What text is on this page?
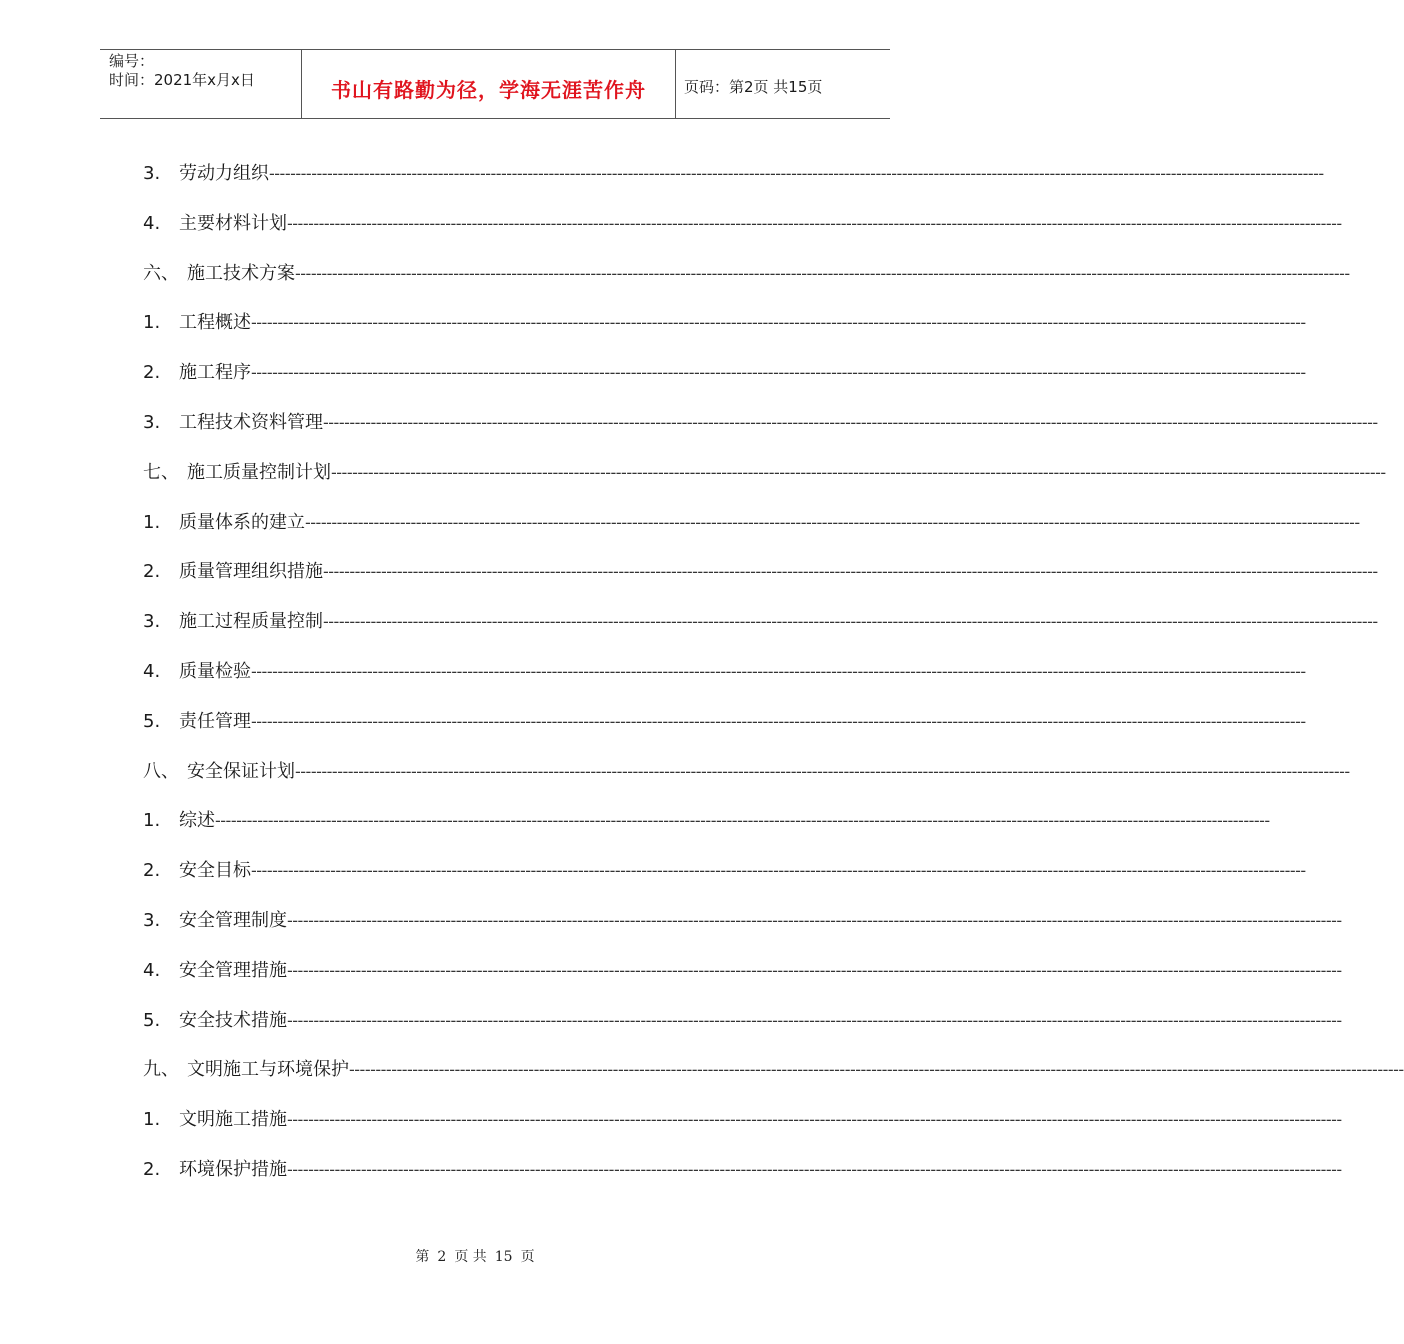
编号：
时间：2021年x月x日	书山有路勤为径，学海无涯苦作舟	页码：第2页 共15页
3. 劳动力组织 --------------------------------------------------------------------------------------------------------------------------------------------------------------------------------------------------------
4. 主要材料计划 --------------------------------------------------------------------------------------------------------------------------------------------------------------------------------------------------------
六、 施工技术方案 --------------------------------------------------------------------------------------------------------------------------------------------------------------------------------------------------------
1. 工程概述 --------------------------------------------------------------------------------------------------------------------------------------------------------------------------------------------------------
2. 施工程序 --------------------------------------------------------------------------------------------------------------------------------------------------------------------------------------------------------
3. 工程技术资料管理 --------------------------------------------------------------------------------------------------------------------------------------------------------------------------------------------------------
七、 施工质量控制计划 --------------------------------------------------------------------------------------------------------------------------------------------------------------------------------------------------------
1. 质量体系的建立 --------------------------------------------------------------------------------------------------------------------------------------------------------------------------------------------------------
2. 质量管理组织措施 --------------------------------------------------------------------------------------------------------------------------------------------------------------------------------------------------------
3. 施工过程质量控制 --------------------------------------------------------------------------------------------------------------------------------------------------------------------------------------------------------
4. 质量检验 --------------------------------------------------------------------------------------------------------------------------------------------------------------------------------------------------------
5. 责任管理 --------------------------------------------------------------------------------------------------------------------------------------------------------------------------------------------------------
八、 安全保证计划 --------------------------------------------------------------------------------------------------------------------------------------------------------------------------------------------------------
1. 综述 --------------------------------------------------------------------------------------------------------------------------------------------------------------------------------------------------------
2. 安全目标 --------------------------------------------------------------------------------------------------------------------------------------------------------------------------------------------------------
3. 安全管理制度 --------------------------------------------------------------------------------------------------------------------------------------------------------------------------------------------------------
4. 安全管理措施 --------------------------------------------------------------------------------------------------------------------------------------------------------------------------------------------------------
5. 安全技术措施 --------------------------------------------------------------------------------------------------------------------------------------------------------------------------------------------------------
九、 文明施工与环境保护 --------------------------------------------------------------------------------------------------------------------------------------------------------------------------------------------------------
1. 文明施工措施 --------------------------------------------------------------------------------------------------------------------------------------------------------------------------------------------------------
2. 环境保护措施 --------------------------------------------------------------------------------------------------------------------------------------------------------------------------------------------------------
第 2 页 共 15 页
